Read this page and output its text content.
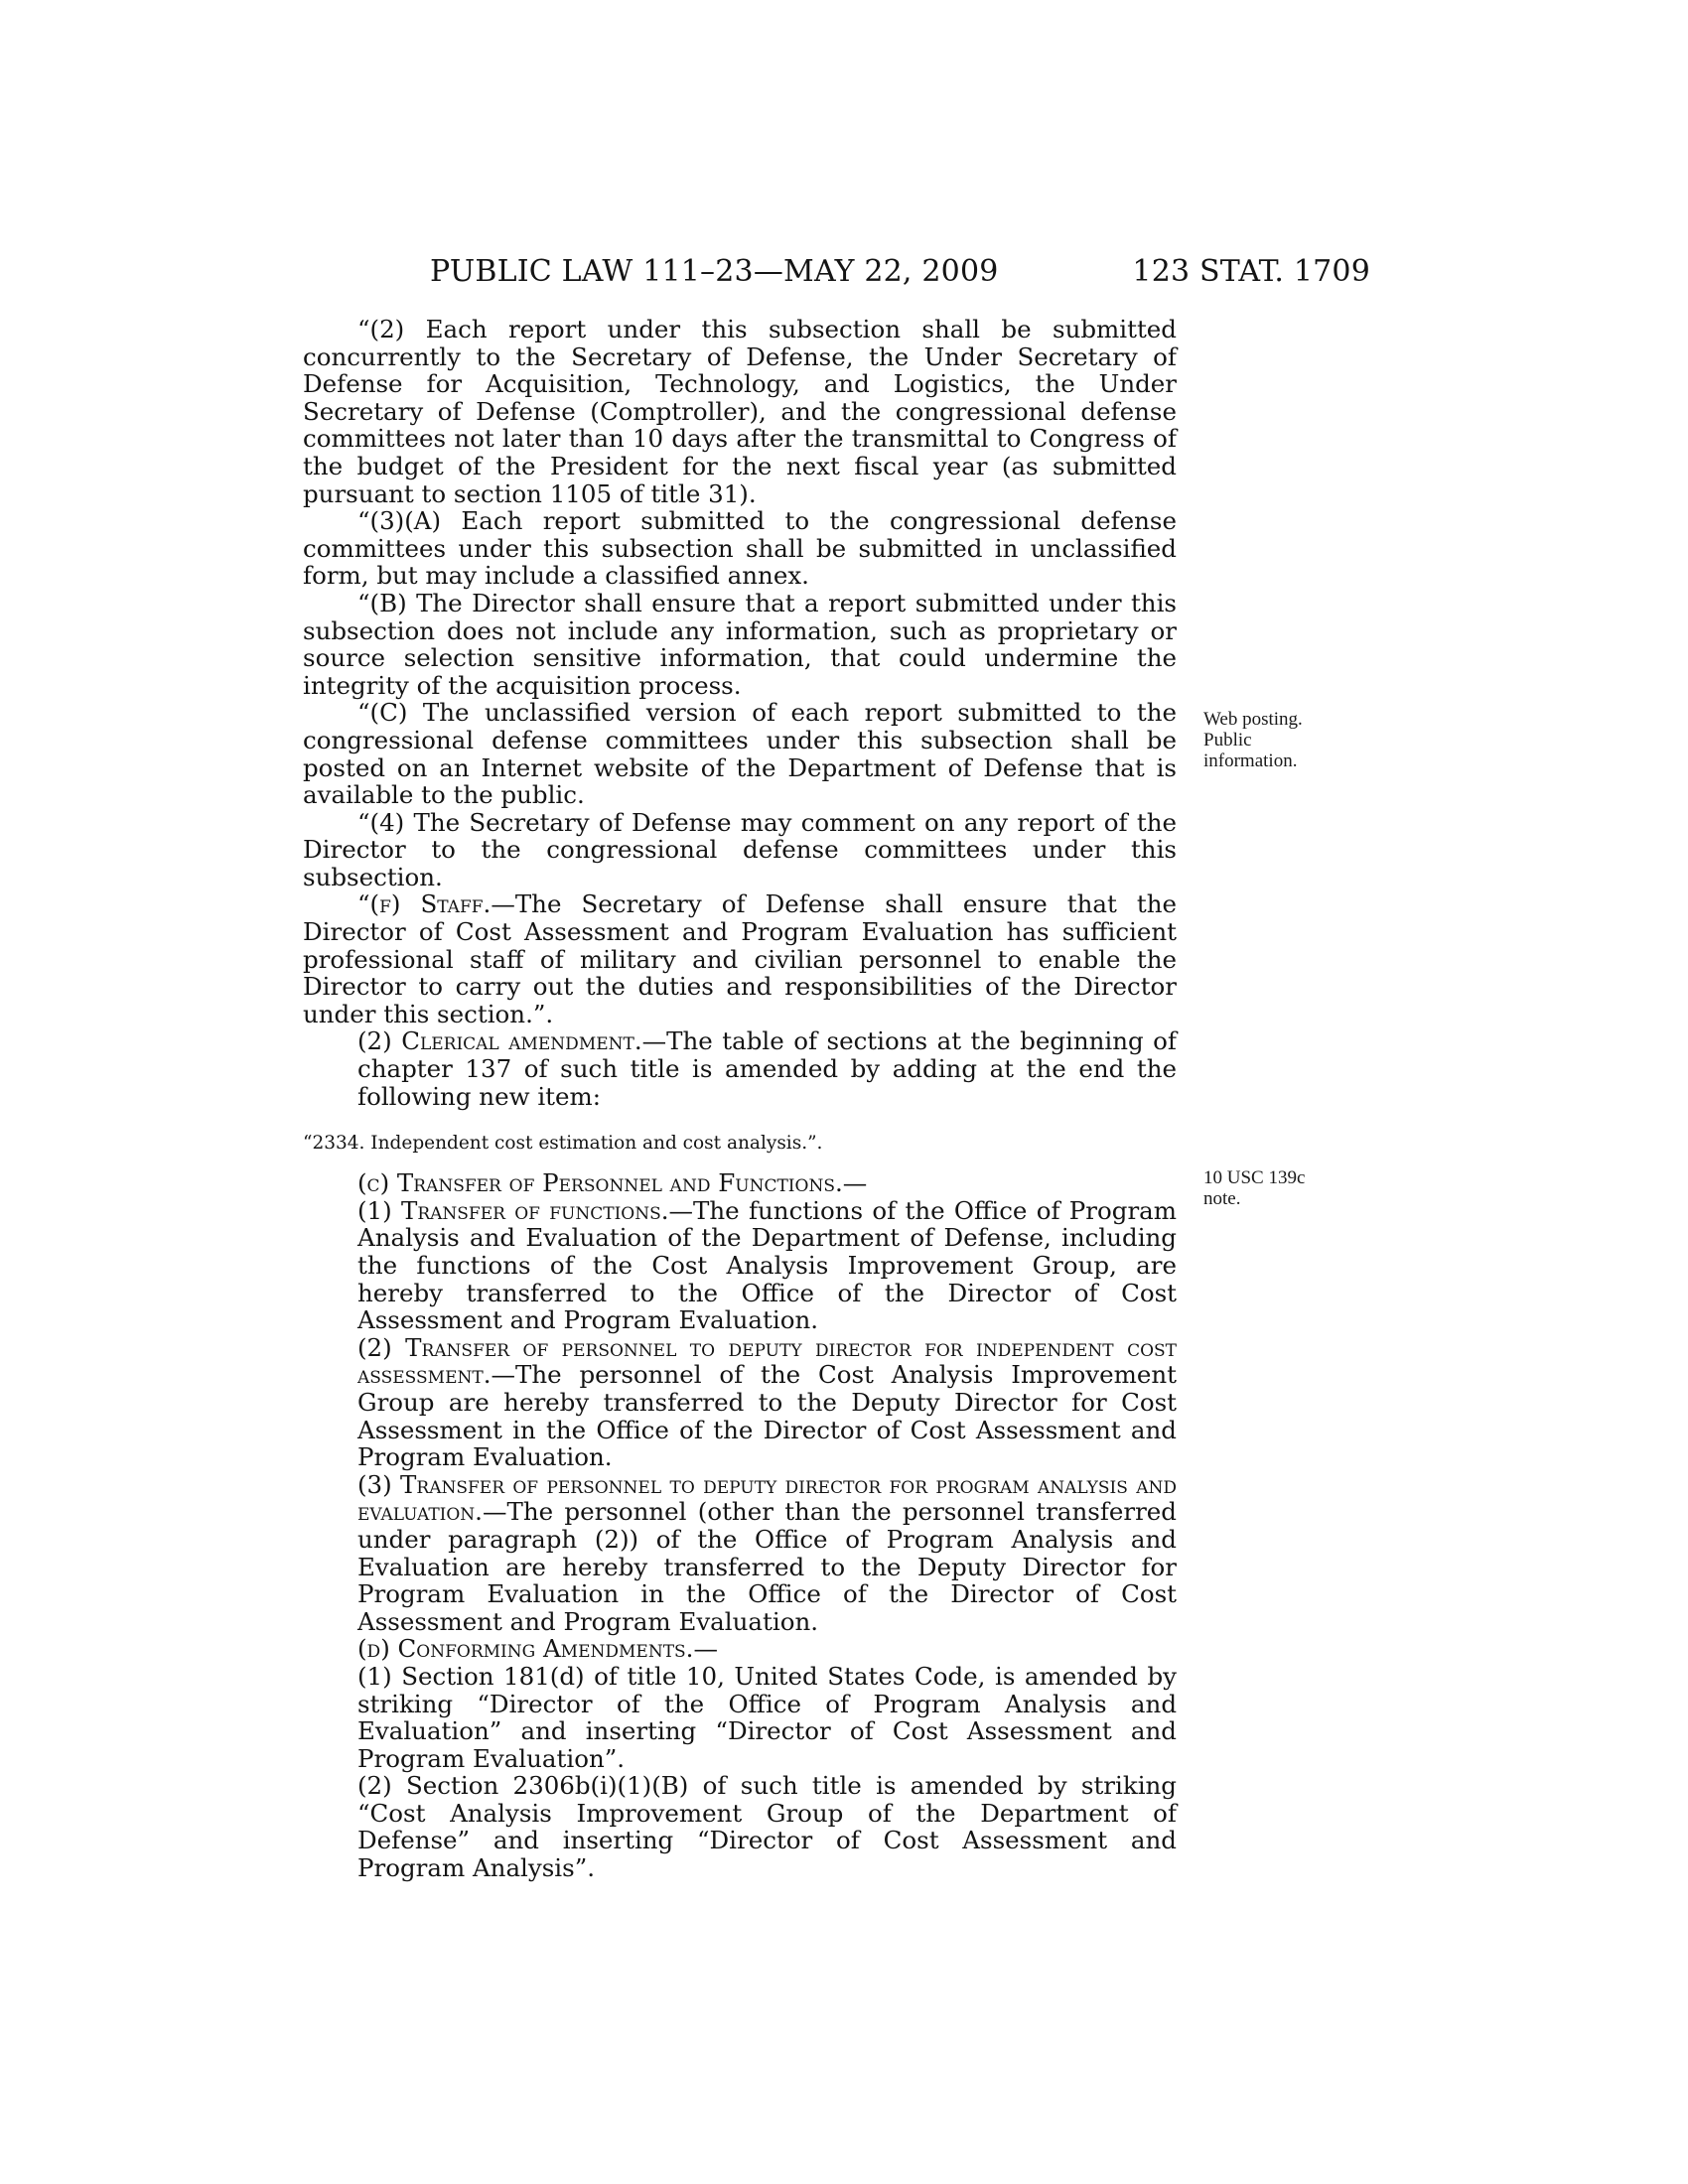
PUBLIC LAW 111–23—MAY 22, 2009	123 STAT. 1709

“(2) Each report under this subsection shall be submitted concurrently to the Secretary of Defense, the Under Secretary of Defense for Acquisition, Technology, and Logistics, the Under Secretary of Defense (Comptroller), and the congressional defense committees not later than 10 days after the transmittal to Congress of the budget of the President for the next fiscal year (as submitted pursuant to section 1105 of title 31).

“(3)(A) Each report submitted to the congressional defense committees under this subsection shall be submitted in unclassified form, but may include a classified annex.

“(B) The Director shall ensure that a report submitted under this subsection does not include any information, such as proprietary or source selection sensitive information, that could undermine the integrity of the acquisition process.

“(C) The unclassified version of each report submitted to the congressional defense committees under this subsection shall be posted on an Internet website of the Department of Defense that is available to the public.

“(4) The Secretary of Defense may comment on any report of the Director to the congressional defense committees under this subsection.

“(f) Staff.—The Secretary of Defense shall ensure that the Director of Cost Assessment and Program Evaluation has sufficient professional staff of military and civilian personnel to enable the Director to carry out the duties and responsibilities of the Director under this section.”.

(2) Clerical amendment.—The table of sections at the beginning of chapter 137 of such title is amended by adding at the end the following new item:

“2334. Independent cost estimation and cost analysis.”.

(c) Transfer of Personnel and Functions.—

(1) Transfer of functions.—The functions of the Office of Program Analysis and Evaluation of the Department of Defense, including the functions of the Cost Analysis Improvement Group, are hereby transferred to the Office of the Director of Cost Assessment and Program Evaluation.

(2) Transfer of personnel to deputy director for independent cost assessment.—The personnel of the Cost Analysis Improvement Group are hereby transferred to the Deputy Director for Cost Assessment in the Office of the Director of Cost Assessment and Program Evaluation.

(3) Transfer of personnel to deputy director for program analysis and evaluation.—The personnel (other than the personnel transferred under paragraph (2)) of the Office of Program Analysis and Evaluation are hereby transferred to the Deputy Director for Program Evaluation in the Office of the Director of Cost Assessment and Program Evaluation.

(d) Conforming Amendments.—

(1) Section 181(d) of title 10, United States Code, is amended by striking “Director of the Office of Program Analysis and Evaluation” and inserting “Director of Cost Assessment and Program Evaluation”.

(2) Section 2306b(i)(1)(B) of such title is amended by striking “Cost Analysis Improvement Group of the Department of Defense” and inserting “Director of Cost Assessment and Program Analysis”.

Web posting.
Public
information.
10 USC 139c
note.
